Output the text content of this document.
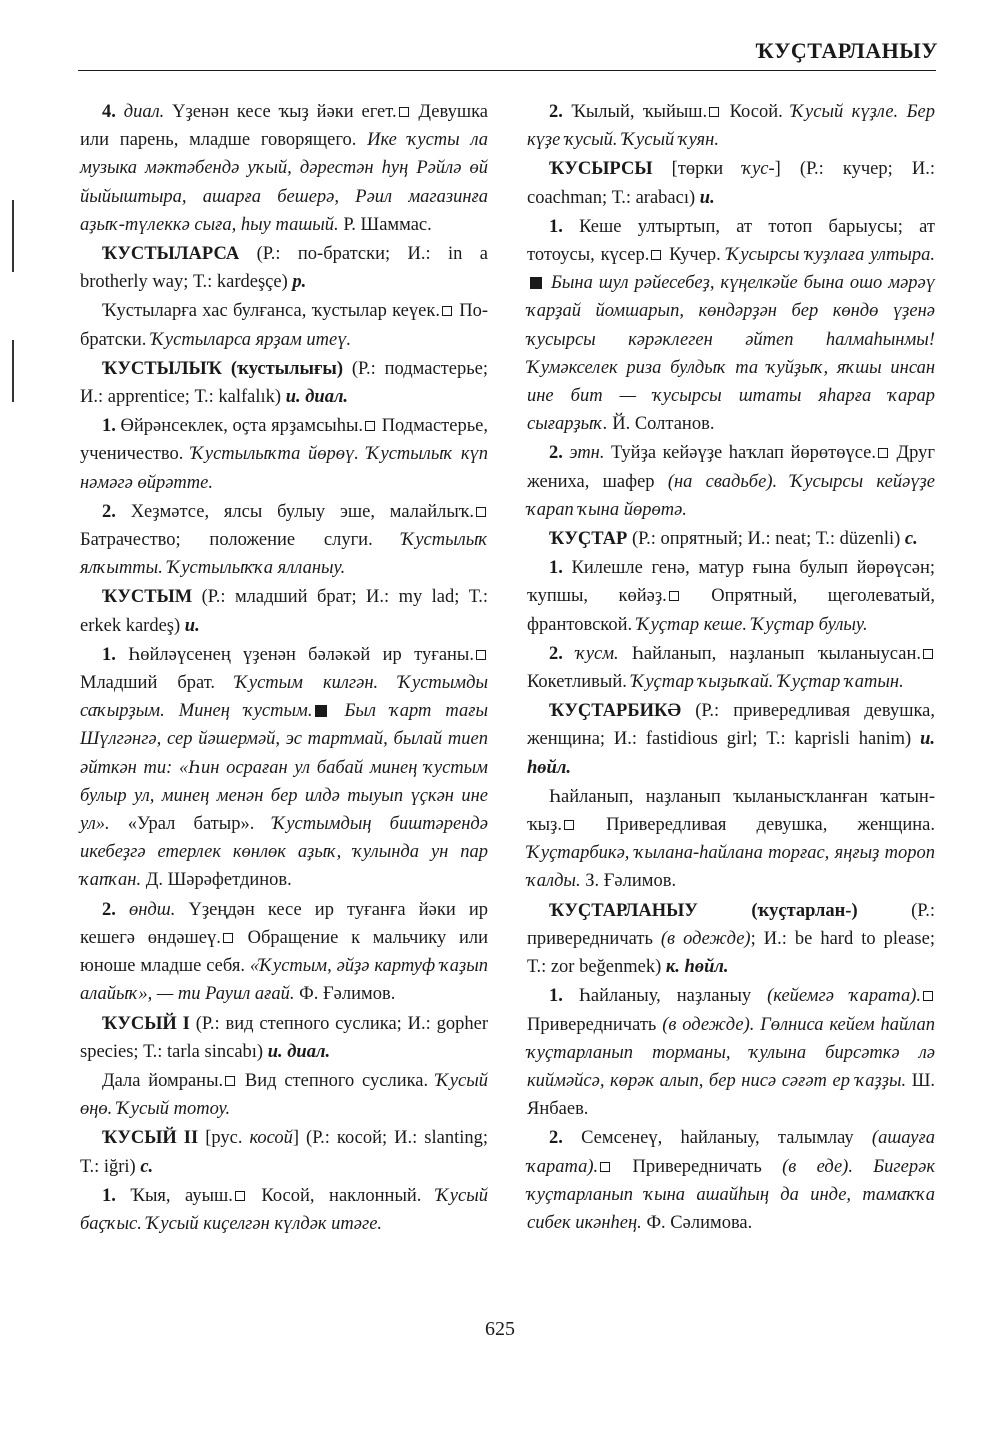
ҠУҪТАРЛАНЫУ

4. диал. Үҙенән кесе ҡыҙ йәки егет. Девушка или парень, младше говорящего. Ике ҡусты ла музыка мәктәбендә уҡый, дәрестән һуң Рәйлә өй йыйыштыра, ашарға бешерә, Рәил магазинға аҙыҡ-түлеккә сыға, һыу ташый. Р. Шаммас.

ҠУСТЫЛАРСА (Р.: по-братски; И.: in a brotherly way; Т.: kardeşçe) р.

Ҡустыларға хас булғанса, ҡустылар кеүек. По-братски. Ҡустыларса ярҙам итеү.

ҠУСТЫЛЫҠ (ҡустылығы) (Р.: подмастерье; И.: apprentice; Т.: kalfalık) и. диал.

1. Өйрәнсеклек, оҫта ярҙамсыһы. Подмастерье, ученичество. Ҡустылыҡта йөрөү. Ҡустылыҡ күп нәмәгә өйрәтте.

2. Хеҙмәтсе, ялсы булыу эше, малайлыҡ. Батрачество; положение слуги. Ҡустылыҡ ялҡытты. Ҡустылыҡҡа ялланыу.

ҠУСТЫМ (Р.: младший брат; И.: my lad; Т.: erkek kardeş) и.

1. Һөйләүсенең үҙенән бәләкәй ир туғаны. Младший брат. Ҡустым килгән. Ҡустымды саҡырҙым. Минең ҡустым. Был ҡарт тағы Шүлгәнгә, сер йәшермәй, эс тартмай, былай тиеп әйткән ти: «Һин осраған ул бабай минең ҡустым булыр ул, минең менән бер илдә тыуып үҫкән ине ул». «Урал батыр». Ҡустымдың биштәрендә икебеҙгә етерлек көнлөк аҙыҡ, ҡулында ун пар ҡапҡан. Д. Шәрәфетдинов.

2. өндш. Үҙеңдән кесе ир туғанға йәки ир кешегә өндәшеү. Обращение к мальчику или юноше младше себя. «Ҡустым, әйҙә картуф ҡаҙып алайыҡ», — ти Рауил ағай. Ф. Ғәлимов.

ҠУСЫЙ I (Р.: вид степного суслика; И.: gopher species; Т.: tarla sincabı) и. диал.

Дала йомраны. Вид степного суслика. Ҡусый өңө. Ҡусый тотоу.

ҠУСЫЙ II [рус. косой] (Р.: косой; И.: slanting; Т.: iğri) с.

1. Ҡыя, ауыш. Косой, наклонный. Ҡусый баҫҡыс. Ҡусый киҫелгән күлдәк итәге.

2. Ҡылый, ҡыйыш. Косой. Ҡусый күҙле. Бер күҙе ҡусый. Ҡусый ҡуян.

ҠУСЫРСЫ [төрки ҡус-] (Р.: кучер; И.: coachman; Т.: arabacı) и.

1. Кеше ултыртып, ат тотоп барыусы; ат тотоусы, күсер. Кучер. Ҡусырсы ҡуҙлаға ултыра. Бына шул рәйесебеҙ, күңелкәйе бына ошо мәрәү ҡарҙай йомшарып, көндәрҙән бер көндө үҙенә ҡусырсы кәрәклеген әйтеп һалмаһынмы! Ҡумәкселек риза булдыҡ та ҡуйҙыҡ, яҡшы инсан ине бит — ҡусырсы штаты яһарға ҡарар сығарҙыҡ. Й. Солтанов.

2. этн. Туйҙа кейәүҙе һаҡлап йөрөтөүсе. Друг жениха, шафер (на свадьбе). Ҡусырсы кейәүҙе ҡарап ҡына йөрөтә.

ҠУҪТАР (Р.: опрятный; И.: neat; Т.: düzenli) с.

1. Килешле генә, матур ғына булып йөрөүсән; ҡупшы, көйәҙ. Опрятный, щеголеватый, франтовской. Ҡуҫтар кеше. Ҡуҫтар булыу.

2. ҡусм. Һайланып, наҙланып ҡыланыусан. Кокетливый. Ҡуҫтар ҡыҙыҡай. Ҡуҫтар ҡатын.

ҠУҪТАРБИКӘ (Р.: привередливая девушка, женщина; И.: fastidious girl; Т.: kaprisli hanim) и. һөйл.

Һайланып, наҙланып ҡыланысҡланған ҡатын-ҡыҙ. Привередливая девушка, женщина. Ҡуҫтарбикә, ҡылана-һайлана торғас, яңғыҙ тороп ҡалды. З. Ғәлимов.

ҠУҪТАРЛАНЫУ (ҡуҫтарлан-) (Р.: привередничать (в одежде); И.: be hard to please; Т.: zor beğenmek) к. һөйл.

1. Һайланыу, наҙланыу (кейемгә ҡарата). Привередничать (в одежде). Гөлниса кейем һайлап ҡуҫтарланып торманы, ҡулына бирсәткә лә киймәйсә, көрәк алып, бер нисә сәғәт ер ҡаҙҙы. Ш. Янбаев.

2. Семсенеү, һайланыу, талымлау (ашауға ҡарата). Привередничать (в еде). Бигерәк ҡуҫтарланып ҡына ашайһың да инде, тамаҡҡа сибек икәнһең. Ф. Сәлимова.

625
